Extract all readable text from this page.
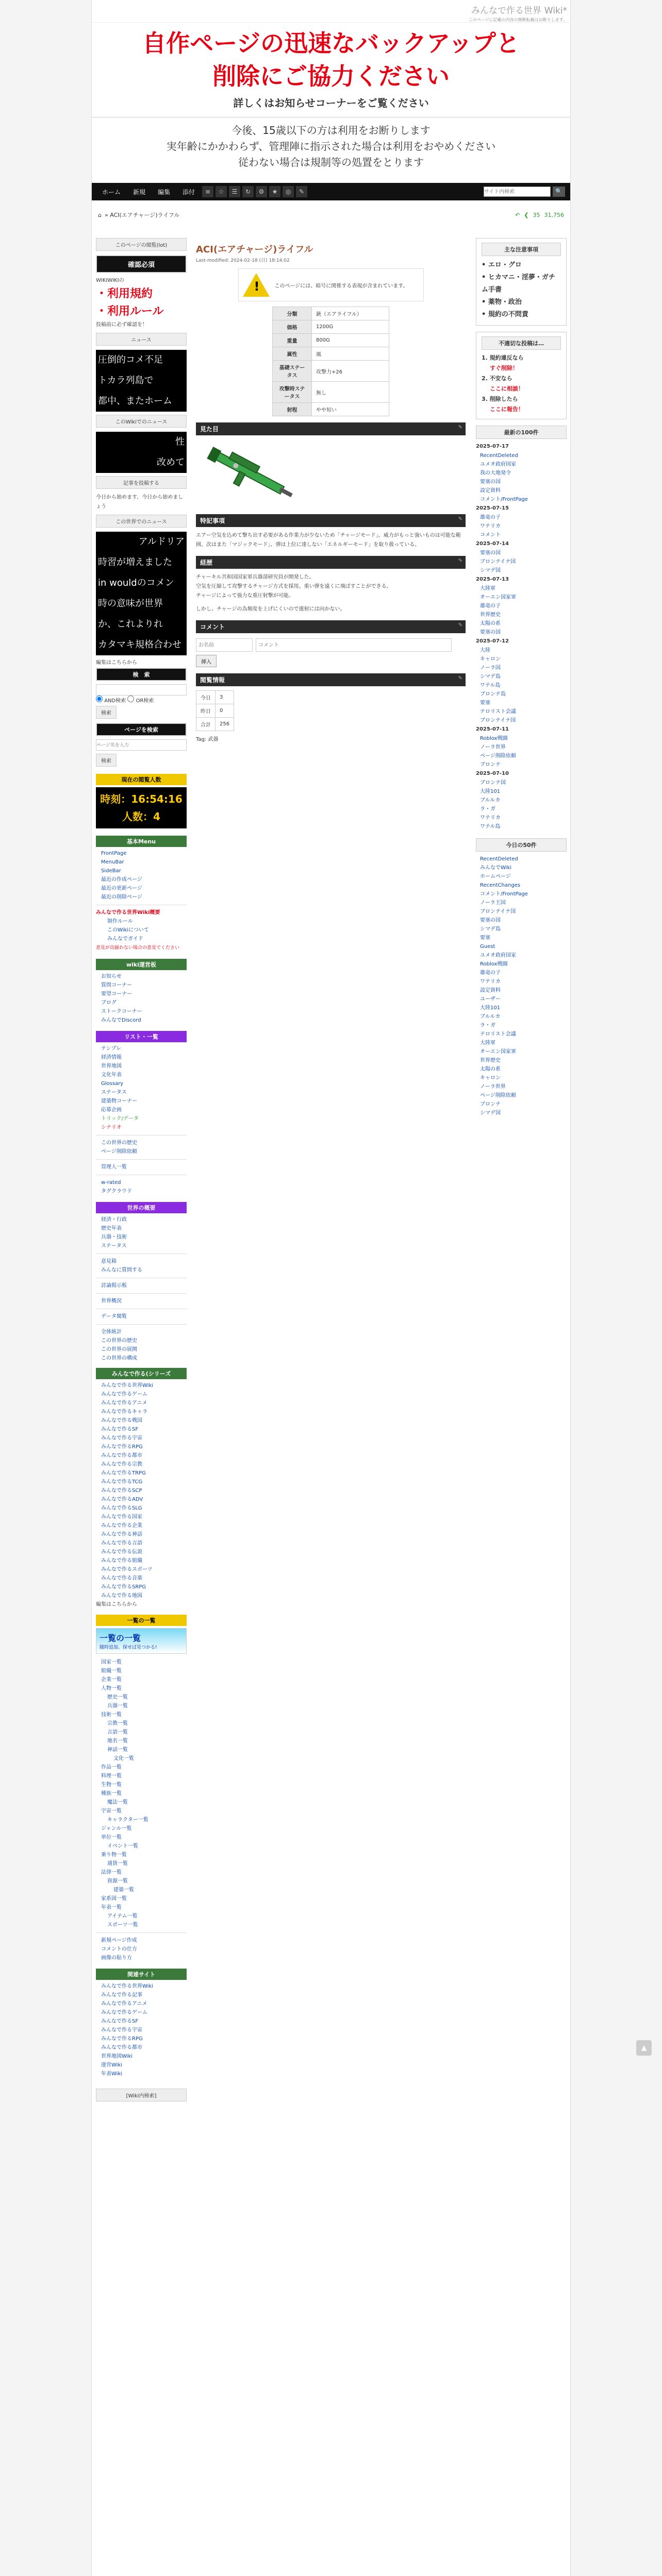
みんなで作る世界 Wiki*
このページに記載の内容の無断転載はお断りします。
自作ページの迅速なバックアップと
削除にご協力ください
詳しくはお知らせコーナーをご覧ください
今後、15歳以下の方は利用をお断りします
実年齢にかかわらず、管理陣に指示された場合は利用をおやめください
従わない場合は規制等の処置をとります
ホーム	新規	編集	添付	≡	☆	☰	↻	⚙	★	◎	✎
サイト内検索	🔍
⌂ » ACI(エアチャージ)ライフル	↶ ❮ 35 31,756
このページの閲覧(lot)
確認必須
WIKIWIKIの
・利用規約
・利用ルール
投稿前に必ず確認を！
ニュース
圧倒的コメ不足
トカラ列島で
都中、またホーム
このWikiでのニュース
性
改めて
記事を投稿する
今日から始めます、今日から始めましょう
この世界でのニュース
アルドリア
時習が増えました
in wouldのコメン
時の意味が世界
か、これよりれ
カタマキ規格合わせ
編集はこちらから
検　索
AND検索 OR検索
検索
ページを検索
ページ名を入力
検索
現在の閲覧人数
時刻：16:54:16
人数：4
基本Menu
FrontPage
MenuBar
SideBar
最近の作成ページ
最近の更新ページ
最近の削除ページ
みんなで作る世界Wiki概要
制作ルール
このWikiについて
みんなでガイド
意見が出揃わない場合の意見でください
wiki運営板
お知らせ
質問コーナー
要望コーナー
ブログ
ストークコーナー
みんなでDiscord
リスト・一覧
テンプレ
経済情報
世界地図
文化年表
Glossary
ステータス
建築物コーナー
応募企画
トリック/データ
シナリオ
この世界の歴史
ページ削除依頼
管理人一覧
w-rated
タグクラウド
世界の概要
経済・行政
歴史年表
兵器・技術
ステータス
意見箱
みんなに質問する
討論掲示板
世界概況
データ閲覧
全体統計
この世界の歴史
この世界の展開
この世界の構成
みんなで作る(シリーズ
みんなで作る世界Wiki
みんなで作るゲーム
みんなで作るアニメ
みんなで作るキャラ
みんなで作る戦国
みんなで作るSF
みんなで作る宇宙
みんなで作るRPG
みんなで作る都市
みんなで作る宗教
みんなで作るTRPG
みんなで作るTCG
みんなで作るSCP
みんなで作るADV
みんなで作るSLG
みんなで作る国家
みんなで作る企業
みんなで作る神話
みんなで作る言語
みんなで作る伝説
みんなで作る組織
みんなで作るスポーツ
みんなで作る音楽
みんなで作るSRPG
みんなで作る地図
編集はこちらから
一覧の一覧
一覧の一覧
随時追加。探せば見つかる!
国家一覧
組織一覧
企業一覧
人物一覧
歴史一覧
兵器一覧
技術一覧
宗教一覧
言語一覧
地名一覧
神話一覧
文化一覧
作品一覧
料理一覧
生物一覧
種族一覧
魔法一覧
宇宙一覧
キャラクター一覧
ジャンル一覧
単位一覧
イベント一覧
乗り物一覧
通貨一覧
法律一覧
資源一覧
建築一覧
家系図一覧
年表一覧
アイテム一覧
スポーツ一覧
新規ページ作成
コメントの仕方
画像の貼り方
関連サイト
みんなで作る世界Wiki
みんなで作る記事
みんなで作るアニメ
みんなで作るゲーム
みんなで作るSF
みんなで作る宇宙
みんなで作るRPG
みんなで作る都市
世界地図Wiki
運営Wiki
年表Wiki
[Wiki内検索]
ACI(エアチャージ)ライフル
Last-modified: 2024-02-18 (日) 18:14:02
!	このページには、暗号に関係する表現が含まれています。
分類	銃（エアライフル）
価格	1200G
重量	800G
属性	風
基礎ステータス	攻撃力+26
攻撃時ステータス	無し
射程	やや短い
見た目	✎
特記事項	✎
エアー空気を込めて撃ち出す必要がある作業力が少ないため「チャージモード」。威力がもっと強いものは可能な範囲。次はまた「マジックモード」。弾は上位に達しない「エネルギーモード」を取り扱っている。
経歴	✎
チャーキル共和国国家軍兵器部研究員が開発した。
空気を圧縮して攻撃するチャージ方式を採用。重い弾を遠くに飛ばすことができる。
チャージによって強力な重圧射撃が可能。
しかし、チャージの為頻度を上げにくいので連射には向かない。
コメント	✎
お名前
コメント
挿入
閲覧情報	✎
今日	3
昨日	0
合計	256
Tag: 武器
主な注意事項
• エロ・グロ
• ヒカマニ・淫夢・ガチム手書
• 薬物・政治
• 規約の不問責
不適切な投稿は…
1. 規約違反なら
すぐ削除！
2. 不安なら
ここに相談！
3. 削除したら
ここに報告！
最新の100件
2025-07-17
RecentDeleted
ユメオ政府国家
我の大地発令
要塞の国
設定資料
コメント/FrontPage
2025-07-15
雄竜の子
ワテリカ
コメント
2025-07-14
要塞の国
ブロンテイナ国
シマデ国
2025-07-13
大陸軍
オーエン国家軍
雄竜の子
世界歴史
太陽の系
要塞の国
2025-07-12
大陸
キャロン
ノーラ国
シマデ島
ワテル島
ブロンテ島
要塞
テロリスト会議
ブロンテイナ国
2025-07-11
Roblox戦闘
ノーラ世界
ページ削除依頼
ブロンテ
2025-07-10
ブロンテ国
大陸101
ブルルカ
ラ・ガ
ワテリカ
ワテル島
今日の50件
RecentDeleted
みんなでWiki
ホームページ
RecentChanges
コメント/FrontPage
ノーラ王国
ブロンテイナ国
要塞の国
シマデ島
要塞
Guest
ユメオ政府国家
Roblox戦闘
雄竜の子
ワテリカ
設定資料
ユーザー
大陸101
ブルルカ
ラ・ガ
テロリスト会議
大陸軍
オーエン国家軍
世界歴史
太陽の系
キャロン
ノーラ世界
ページ削除依頼
ブロンテ
シマデ国
▲
